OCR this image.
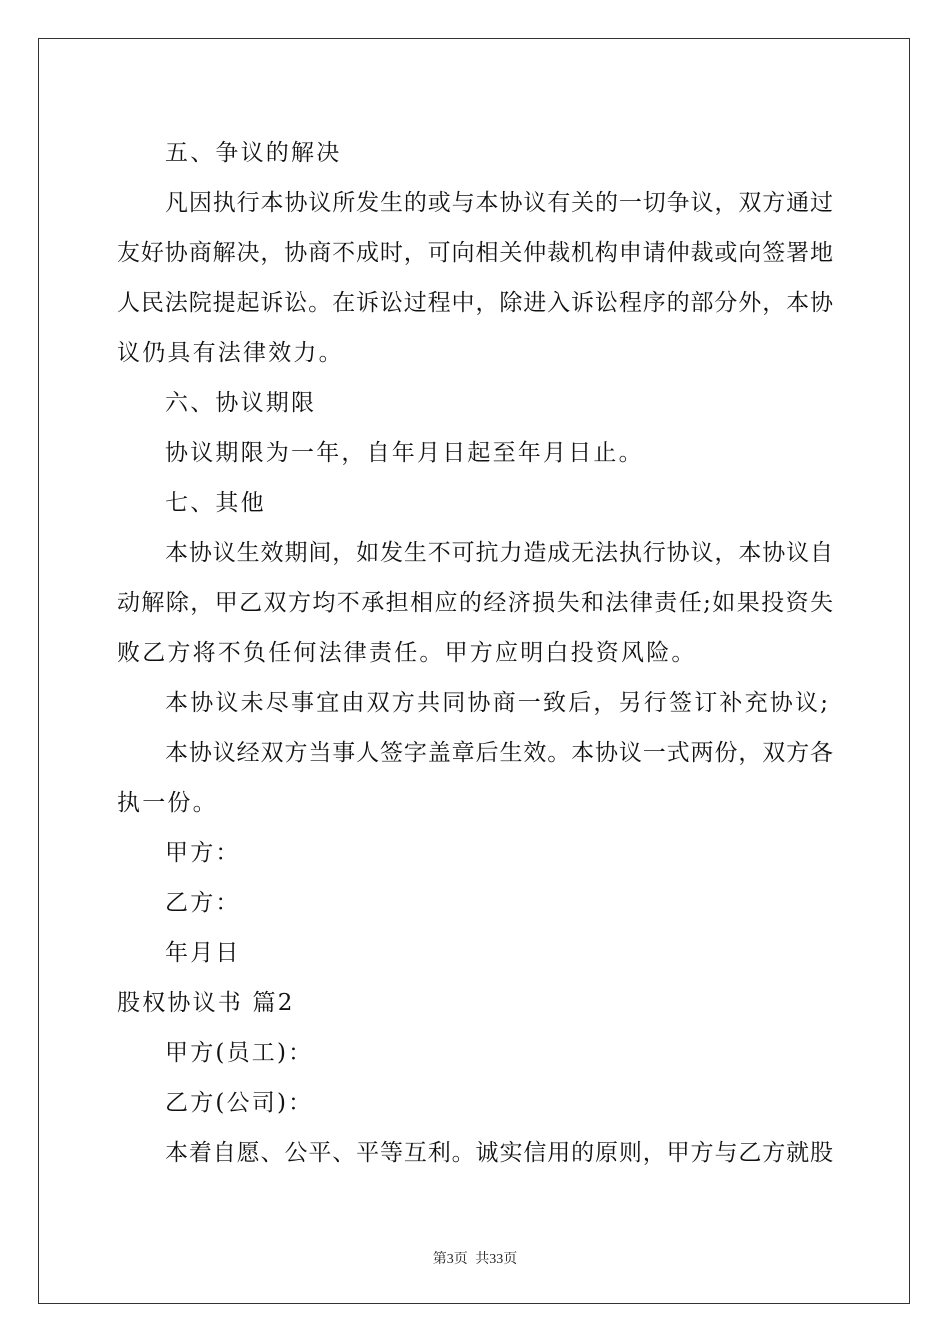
五、争议的解决
凡因执行本协议所发生的或与本协议有关的一切争议，双方通过
友好协商解决，协商不成时，可向相关仲裁机构申请仲裁或向签署地
人民法院提起诉讼。在诉讼过程中，除进入诉讼程序的部分外，本协
议仍具有法律效力。
六、协议期限
协议期限为一年，自年月日起至年月日止。
七、其他
本协议生效期间，如发生不可抗力造成无法执行协议，本协议自
动解除，甲乙双方均不承担相应的经济损失和法律责任;如果投资失
败乙方将不负任何法律责任。甲方应明白投资风险。
本协议未尽事宜由双方共同协商一致后，另行签订补充协议;
本协议经双方当事人签字盖章后生效。本协议一式两份，双方各
执一份。
甲方：
乙方：
年月日
股权协议书 篇2
甲方(员工)：
乙方(公司)：
本着自愿、公平、平等互利。诚实信用的原则，甲方与乙方就股
第3页 共33页
